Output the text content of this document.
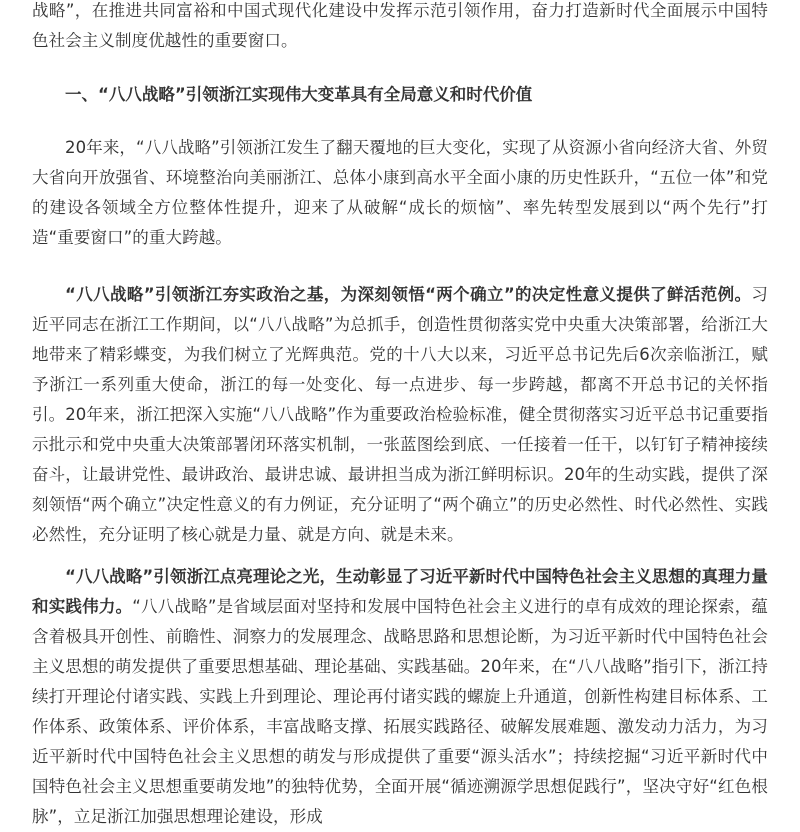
战略”，在推进共同富裕和中国式现代化建设中发挥示范引领作用，奋力打造新时代全面展示中国特色社会主义制度优越性的重要窗口。

一、“八八战略”引领浙江实现伟大变革具有全局意义和时代价值

20年来，“八八战略”引领浙江发生了翻天覆地的巨大变化，实现了从资源小省向经济大省、外贸大省向开放强省、环境整治向美丽浙江、总体小康到高水平全面小康的历史性跃升，“五位一体”和党的建设各领域全方位整体性提升，迎来了从破解“成长的烦恼”、率先转型发展到以“两个先行”打造“重要窗口”的重大跨越。

“八八战略”引领浙江夯实政治之基，为深刻领悟“两个确立”的决定性意义提供了鲜活范例。习近平同志在浙江工作期间，以“八八战略”为总抓手，创造性贯彻落实党中央重大决策部署，给浙江大地带来了精彩蝶变，为我们树立了光辉典范。党的十八大以来，习近平总书记先后6次亲临浙江，赋予浙江一系列重大使命，浙江的每一处变化、每一点进步、每一步跨越，都离不开总书记的关怀指引。20年来，浙江把深入实施“八八战略”作为重要政治检验标准，健全贯彻落实习近平总书记重要指示批示和党中央重大决策部署闭环落实机制，一张蓝图绘到底、一任接着一任干，以钉钉子精神接续奋斗，让最讲党性、最讲政治、最讲忠诚、最讲担当成为浙江鲜明标识。20年的生动实践，提供了深刻领悟“两个确立”决定性意义的有力例证，充分证明了“两个确立”的历史必然性、时代必然性、实践必然性，充分证明了核心就是力量、就是方向、就是未来。

“八八战略”引领浙江点亮理论之光，生动彰显了习近平新时代中国特色社会主义思想的真理力量和实践伟力。“八八战略”是省域层面对坚持和发展中国特色社会主义进行的卓有成效的理论探索，蕴含着极具开创性、前瞻性、洞察力的发展理念、战略思路和思想论断，为习近平新时代中国特色社会主义思想的萌发提供了重要思想基础、理论基础、实践基础。20年来，在“八八战略”指引下，浙江持续打开理论付诸实践、实践上升到理论、理论再付诸实践的螺旋上升通道，创新性构建目标体系、工作体系、政策体系、评价体系，丰富战略支撑、拓展实践路径、破解发展难题、激发动力活力，为习近平新时代中国特色社会主义思想的萌发与形成提供了重要“源头活水”；持续挖掘“习近平新时代中国特色社会主义思想重要萌发地”的独特优势，全面开展“循迹溯源学思想促践行”，坚决守好“红色根脉”，立足浙江加强思想理论建设，形成
